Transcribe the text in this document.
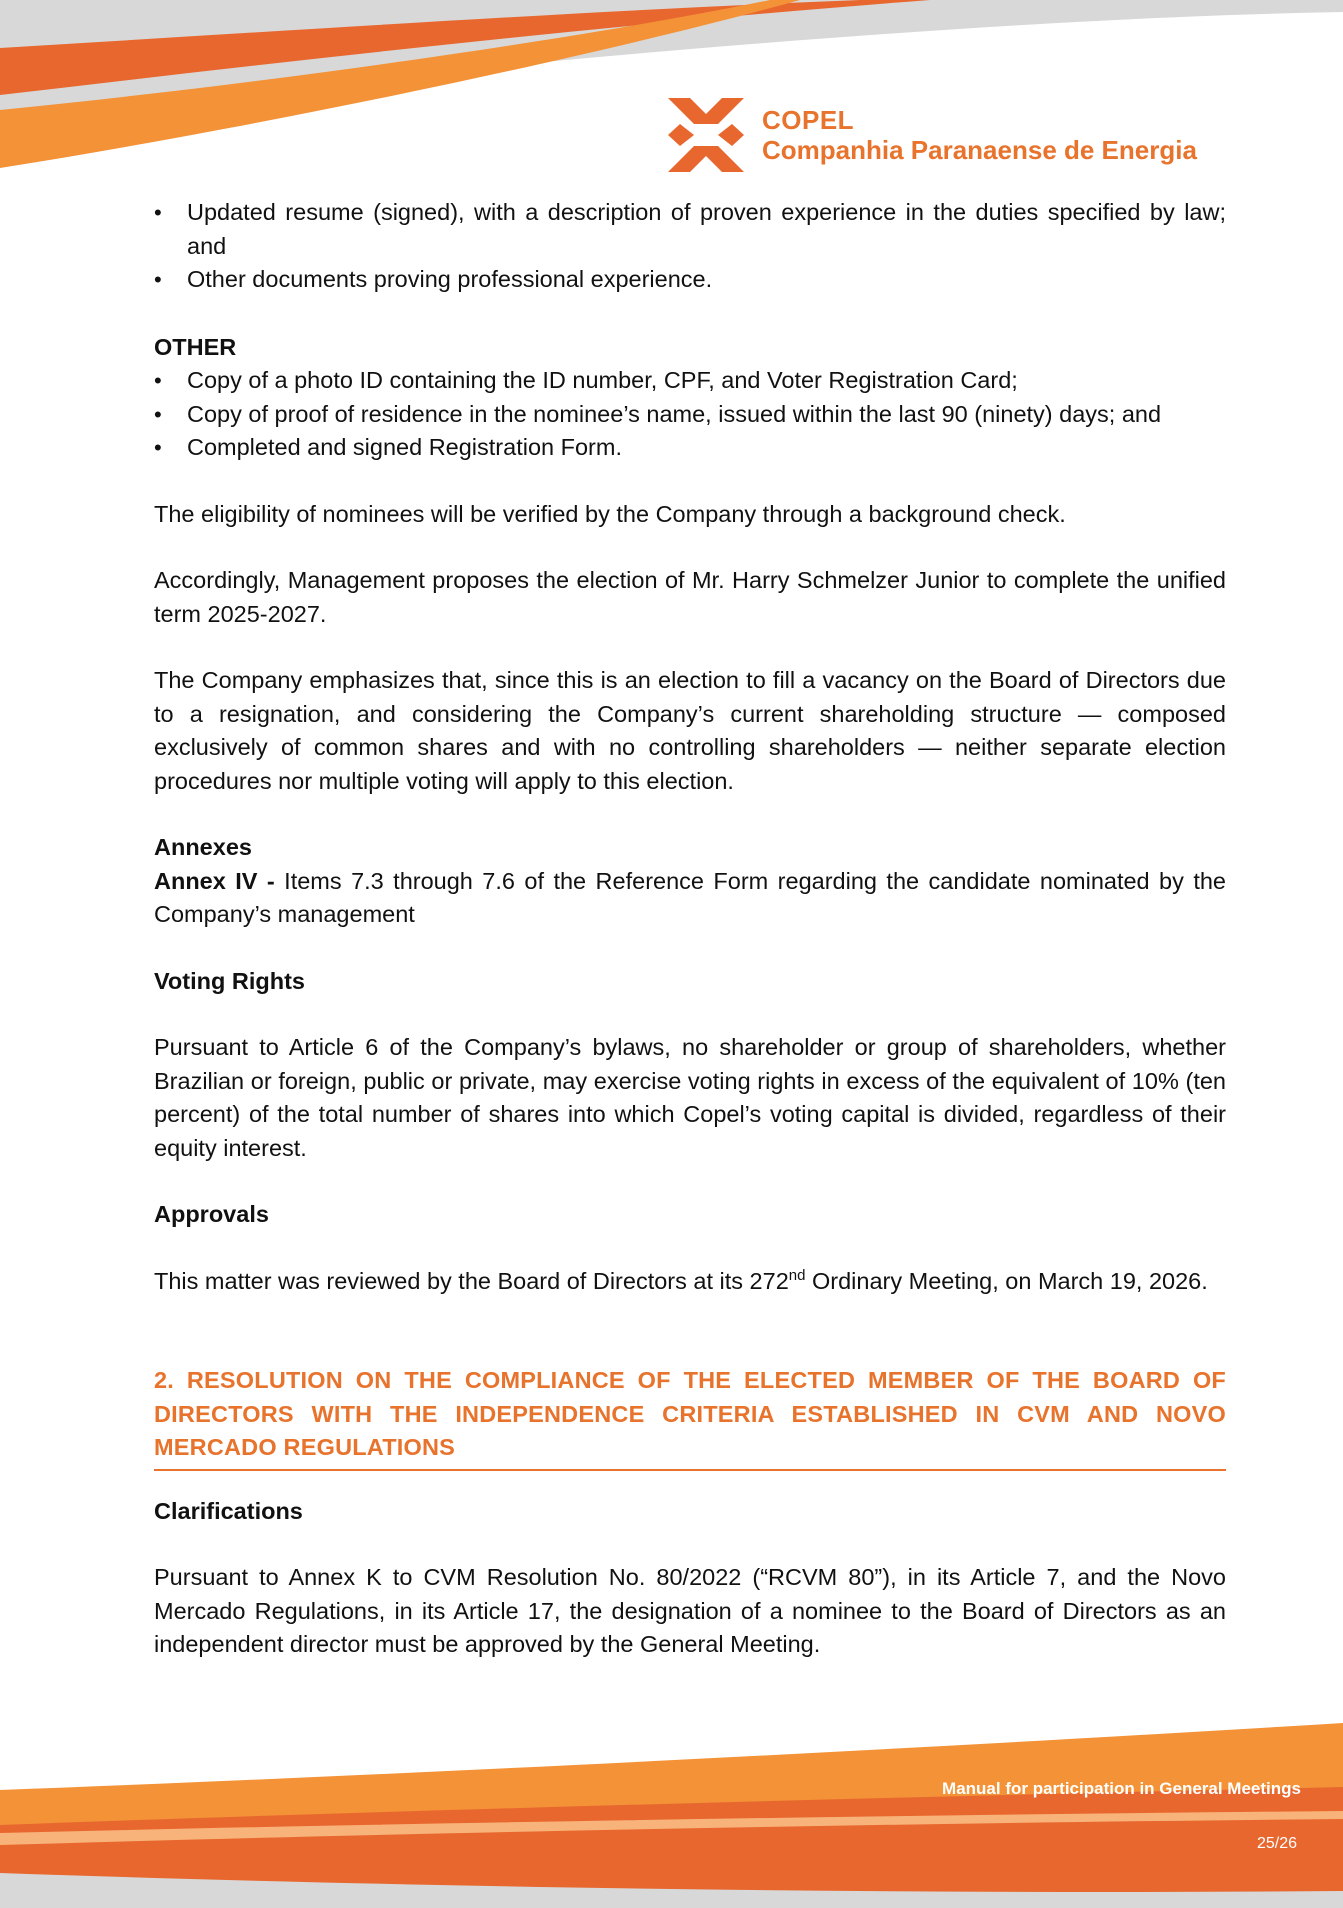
COPEL
Companhia Paranaense de Energia
• Updated resume (signed), with a description of proven experience in the duties specified by law; and
• Other documents proving professional experience.

OTHER

• Copy of a photo ID containing the ID number, CPF, and Voter Registration Card;
• Copy of proof of residence in the nominee’s name, issued within the last 90 (ninety) days; and
• Completed and signed Registration Form.

The eligibility of nominees will be verified by the Company through a background check.

Accordingly, Management proposes the election of Mr. Harry Schmelzer Junior to complete the unified term 2025-2027.

The Company emphasizes that, since this is an election to fill a vacancy on the Board of Directors due to a resignation, and considering the Company’s current shareholding structure — composed exclusively of common shares and with no controlling shareholders — neither separate election procedures nor multiple voting will apply to this election.

Annexes

Annex IV - Items 7.3 through 7.6 of the Reference Form regarding the candidate nominated by the Company’s management

Voting Rights

Pursuant to Article 6 of the Company’s bylaws, no shareholder or group of shareholders, whether Brazilian or foreign, public or private, may exercise voting rights in excess of the equivalent of 10% (ten percent) of the total number of shares into which Copel’s voting capital is divided, regardless of their equity interest.

Approvals

This matter was reviewed by the Board of Directors at its 272nd Ordinary Meeting, on March 19, 2026.

2. RESOLUTION ON THE COMPLIANCE OF THE ELECTED MEMBER OF THE BOARD OF DIRECTORS WITH THE INDEPENDENCE CRITERIA ESTABLISHED IN CVM AND NOVO MERCADO REGULATIONS

Clarifications

Pursuant to Annex K to CVM Resolution No. 80/2022 (“RCVM 80”), in its Article 7, and the Novo Mercado Regulations, in its Article 17, the designation of a nominee to the Board of Directors as an independent director must be approved by the General Meeting.

Manual for participation in General Meetings
25/26
